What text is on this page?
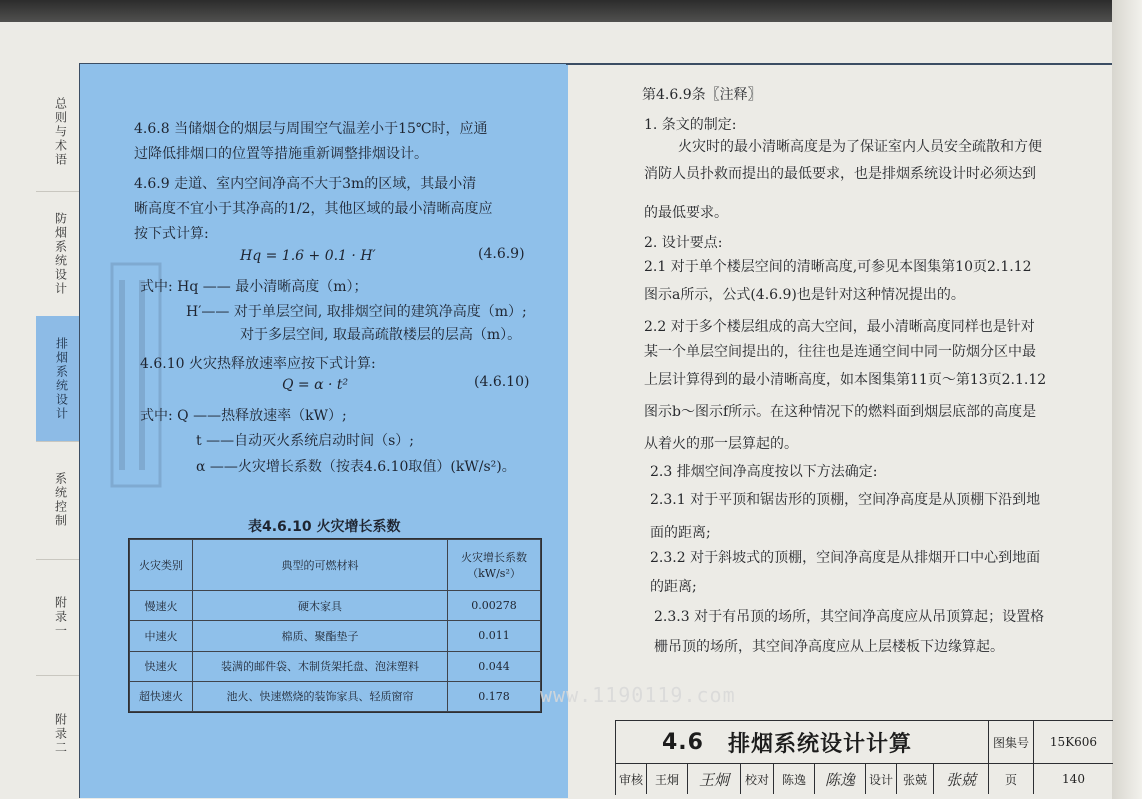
总则与术语
防烟系统设计
排烟系统设计
系统控制
附录一
附录二
4.6.8 当储烟仓的烟层与周围空气温差小于15℃时，应通
过降低排烟口的位置等措施重新调整排烟设计。
4.6.9 走道、室内空间净高不大于3m的区域，其最小清
晰高度不宜小于其净高的1/2，其他区域的最小清晰高度应
按下式计算:
Hq = 1.6 + 0.1 · H′	(4.6.9)
式中: Hq —— 最小清晰高度（m）；
H′—— 对于单层空间, 取排烟空间的建筑净高度（m）;
对于多层空间, 取最高疏散楼层的层高（m）。
4.6.10 火灾热释放速率应按下式计算:
Q = α · t²	(4.6.10)
式中: Q ——热释放速率（kW）;
t ——自动灭火系统启动时间（s）;
α ——火灾增长系数（按表4.6.10取值）(kW/s²)。
表4.6.10 火灾增长系数
火灾类别	典型的可燃材料	火灾增长系数
（kW/s²）

慢速火	硬木家具	0.00278
中速火	棉质、聚酯垫子	0.011
快速火	装满的邮件袋、木制货架托盘、泡沫塑料	0.044
超快速火	池火、快速燃烧的装饰家具、轻质窗帘	0.178
第4.6.9条〖注释〗
1. 条文的制定:
火灾时的最小清晰高度是为了保证室内人员安全疏散和方便
消防人员扑救而提出的最低要求，也是排烟系统设计时必须达到
的最低要求。
2. 设计要点:
2.1 对于单个楼层空间的清晰高度,可参见本图集第10页2.1.12
图示a所示，公式(4.6.9)也是针对这种情况提出的。
2.2 对于多个楼层组成的高大空间，最小清晰高度同样也是针对
某一个单层空间提出的，往往也是连通空间中同一防烟分区中最
上层计算得到的最小清晰高度，如本图集第11页～第13页2.1.12
图示b～图示f所示。在这种情况下的燃料面到烟层底部的高度是
从着火的那一层算起的。
2.3 排烟空间净高度按以下方法确定:
2.3.1 对于平顶和锯齿形的顶棚，空间净高度是从顶棚下沿到地
面的距离;
2.3.2 对于斜坡式的顶棚，空间净高度是从排烟开口中心到地面
的距离;
2.3.3 对于有吊顶的场所，其空间净高度应从吊顶算起；设置格
栅吊顶的场所，其空间净高度应从上层楼板下边缘算起。
www.1190119.com
4.6 排烟系统设计计算	图集号	15K606
审核 王炯	王炯	校对	陈逸	陈逸	设计 张兢	张兢	页	140
